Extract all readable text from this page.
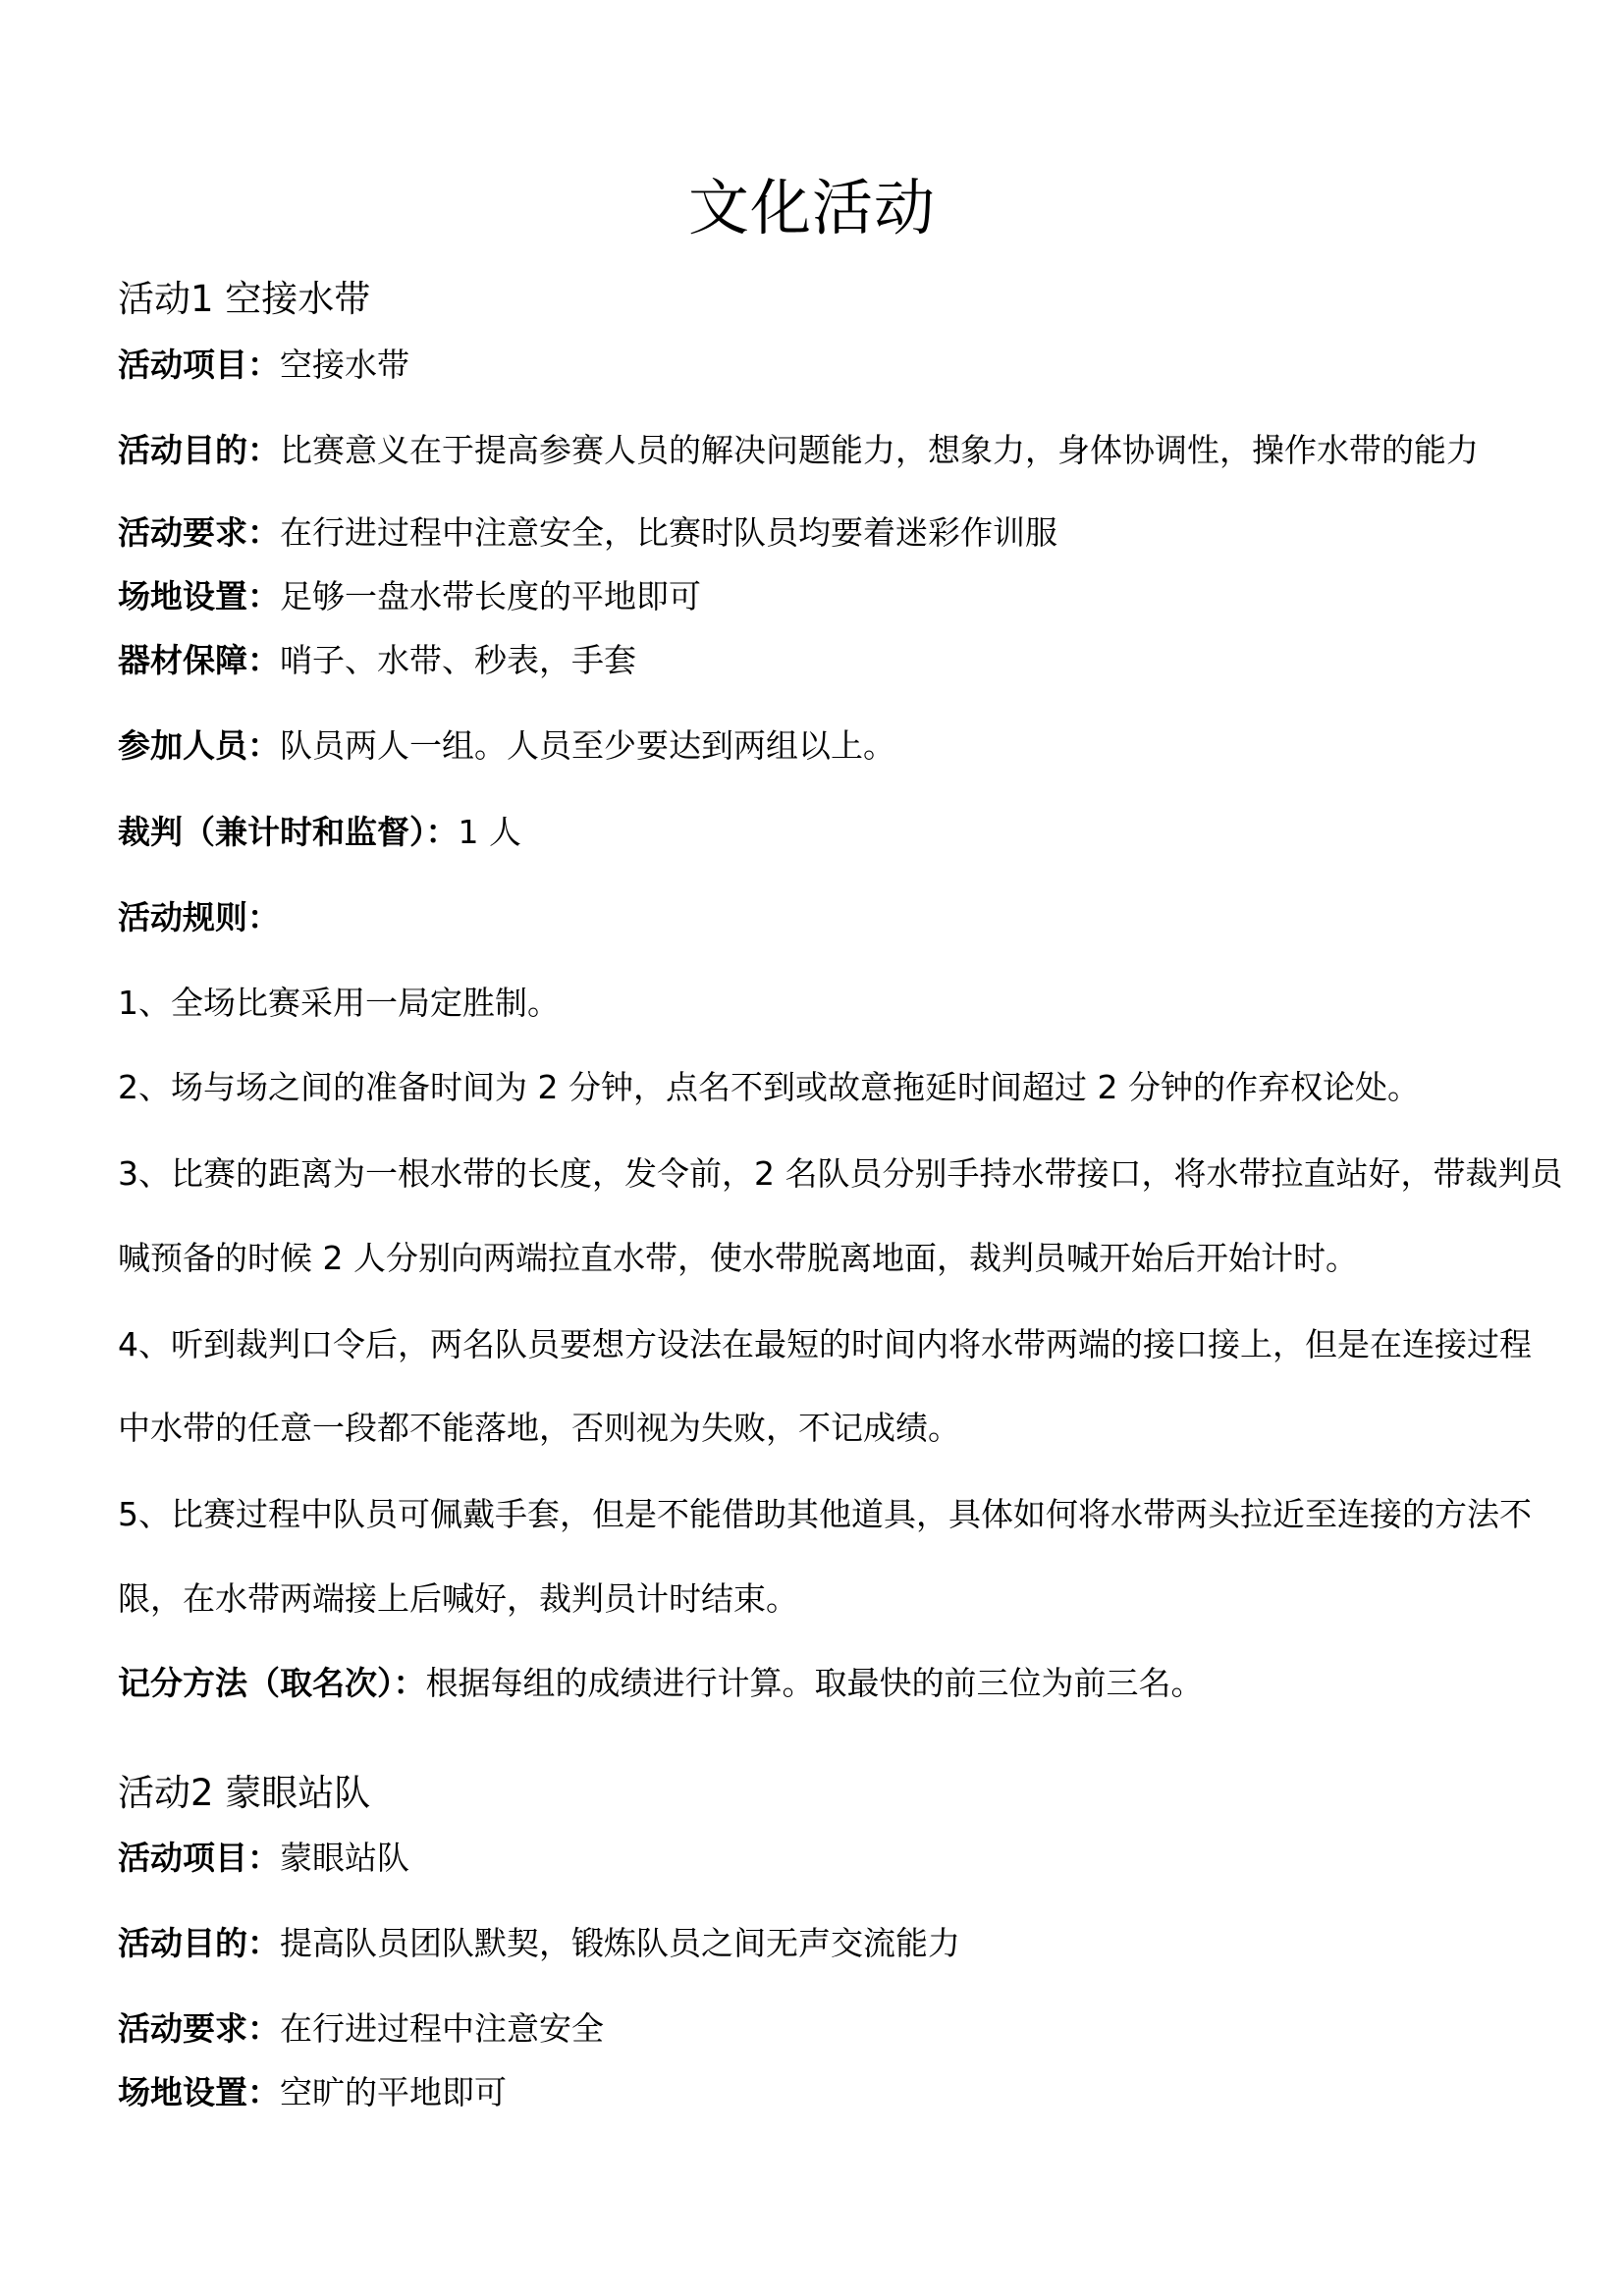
文化活动
活动1 空接水带
活动项目：空接水带
活动目的：比赛意义在于提高参赛人员的解决问题能力，想象力，身体协调性，操作水带的能力
活动要求：在行进过程中注意安全，比赛时队员均要着迷彩作训服
场地设置：足够一盘水带长度的平地即可
器材保障：哨子、水带、秒表，手套
参加人员：队员两人一组。人员至少要达到两组以上。
裁判（兼计时和监督）：1 人
活动规则：
1、全场比赛采用一局定胜制。
2、场与场之间的准备时间为 2 分钟，点名不到或故意拖延时间超过 2 分钟的作弃权论处。
3、比赛的距离为一根水带的长度，发令前，2 名队员分别手持水带接口，将水带拉直站好，带裁判员
喊预备的时候 2 人分别向两端拉直水带，使水带脱离地面，裁判员喊开始后开始计时。
4、听到裁判口令后，两名队员要想方设法在最短的时间内将水带两端的接口接上，但是在连接过程
中水带的任意一段都不能落地，否则视为失败，不记成绩。
5、比赛过程中队员可佩戴手套，但是不能借助其他道具，具体如何将水带两头拉近至连接的方法不
限，在水带两端接上后喊好，裁判员计时结束。
记分方法（取名次）：根据每组的成绩进行计算。取最快的前三位为前三名。
活动2 蒙眼站队
活动项目：蒙眼站队
活动目的：提高队员团队默契，锻炼队员之间无声交流能力
活动要求：在行进过程中注意安全
场地设置：空旷的平地即可
